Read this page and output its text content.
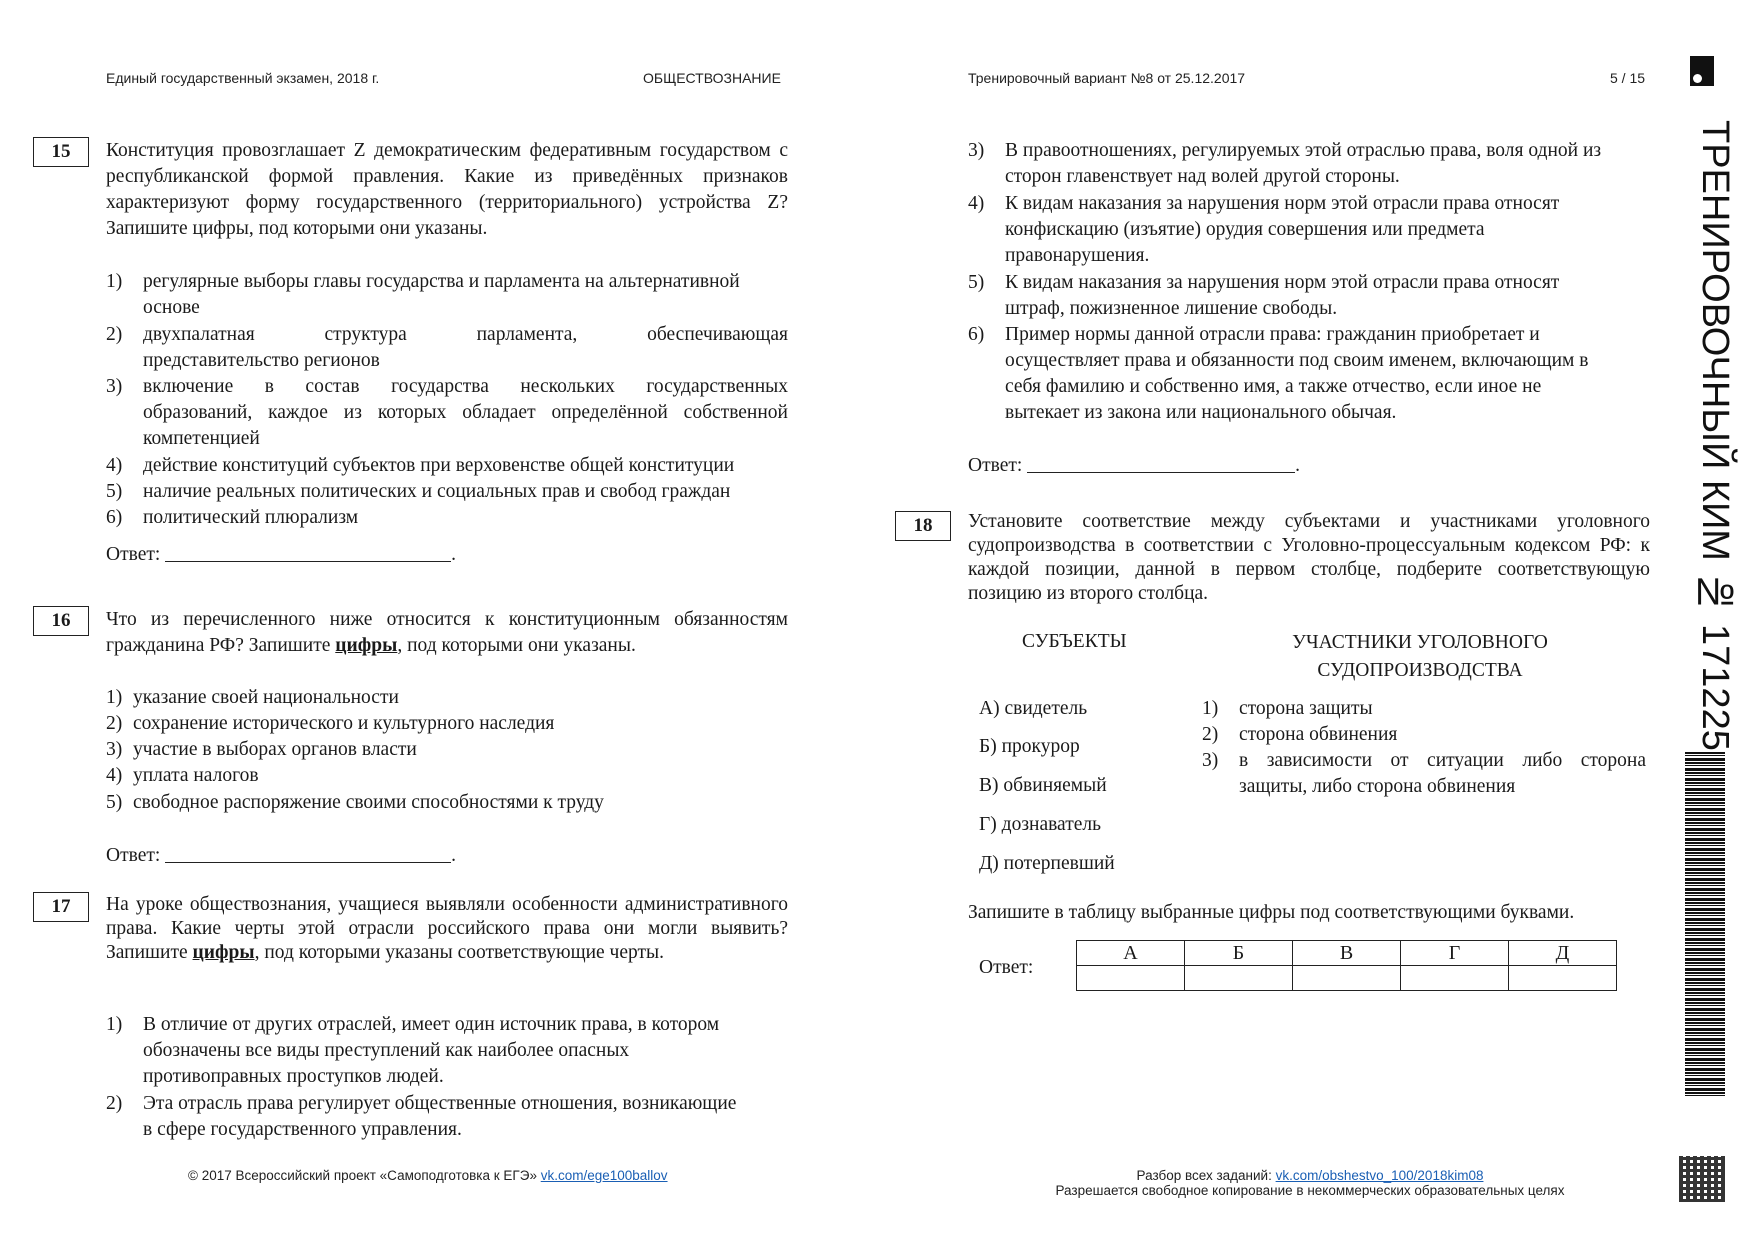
Единый государственный экзамен, 2018 г.	ОБЩЕСТВОЗНАНИЕ	Тренировочный вариант №8 от 25.12.2017	5 / 15
ТРЕНИРОВОЧНЫЙ КИМ № 171225
15	Конституция провозглашает Z демократическим федеративным государством с республиканской формой правления. Какие из приведённых признаков характеризуют форму государственного (территориального) устройства Z? Запишите цифры, под которыми они указаны.
1) регулярные выборы главы государства и парламента на альтернативной
основе
2) двухпалатная структура парламента, обеспечивающая
представительство регионов
3) включение в состав государства нескольких государственных
образований, каждое из которых обладает определённой собственной
компетенцией
4) действие конституций субъектов при верховенстве общей конституции
5) наличие реальных политических и социальных прав и свобод граждан
6) политический плюрализм
Ответ:	.
16	Что из перечисленного ниже относится к конституционным обязанностям гражданина РФ? Запишите цифры, под которыми они указаны.
1) указание своей национальности
2) сохранение исторического и культурного наследия
3) участие в выборах органов власти
4) уплата налогов
5) свободное распоряжение своими способностями к труду
Ответ:	.
17	На уроке обществознания, учащиеся выявляли особенности административного права. Какие черты этой отрасли российского права они могли выявить? Запишите цифры, под которыми указаны соответствующие черты.
1) В отличие от других отраслей, имеет один источник права, в котором
обозначены все виды преступлений как наиболее опасных
противоправных проступков людей.
2) Эта отрасль права регулирует общественные отношения, возникающие
в сфере государственного управления.
3) В правоотношениях, регулируемых этой отраслью права, воля одной из
сторон главенствует над волей другой стороны.
4) К видам наказания за нарушения норм этой отрасли права относят
конфискацию (изъятие) орудия совершения или предмета
правонарушения.
5) К видам наказания за нарушения норм этой отрасли права относят
штраф, пожизненное лишение свободы.
6) Пример нормы данной отрасли права: гражданин приобретает и
осуществляет права и обязанности под своим именем, включающим в
себя фамилию и собственно имя, а также отчество, если иное не
вытекает из закона или национального обычая.
Ответ:	.
18	Установите соответствие между субъектами и участниками уголовного судопроизводства в соответствии с Уголовно-процессуальным кодексом РФ: к каждой позиции, данной в первом столбце, подберите соответствующую позицию из второго столбца.
СУБЪЕКТЫ	УЧАСТНИКИ УГОЛОВНОГО
СУДОПРОИЗВОДСТВА
А) свидетель
Б) прокурор
В) обвиняемый
Г) дознаватель
Д) потерпевший
1) сторона защиты
2) сторона обвинения
3) в зависимости от ситуации либо сторона
защиты, либо сторона обвинения
Запишите в таблицу выбранные цифры под соответствующими буквами.
Ответ:
А	Б	В	Г	Д

© 2017 Всероссийский проект «Самоподготовка к ЕГЭ» vk.com/ege100ballov	Разбор всех заданий: vk.com/obshestvo_100/2018kim08
Разрешается свободное копирование в некоммерческих образовательных целях
